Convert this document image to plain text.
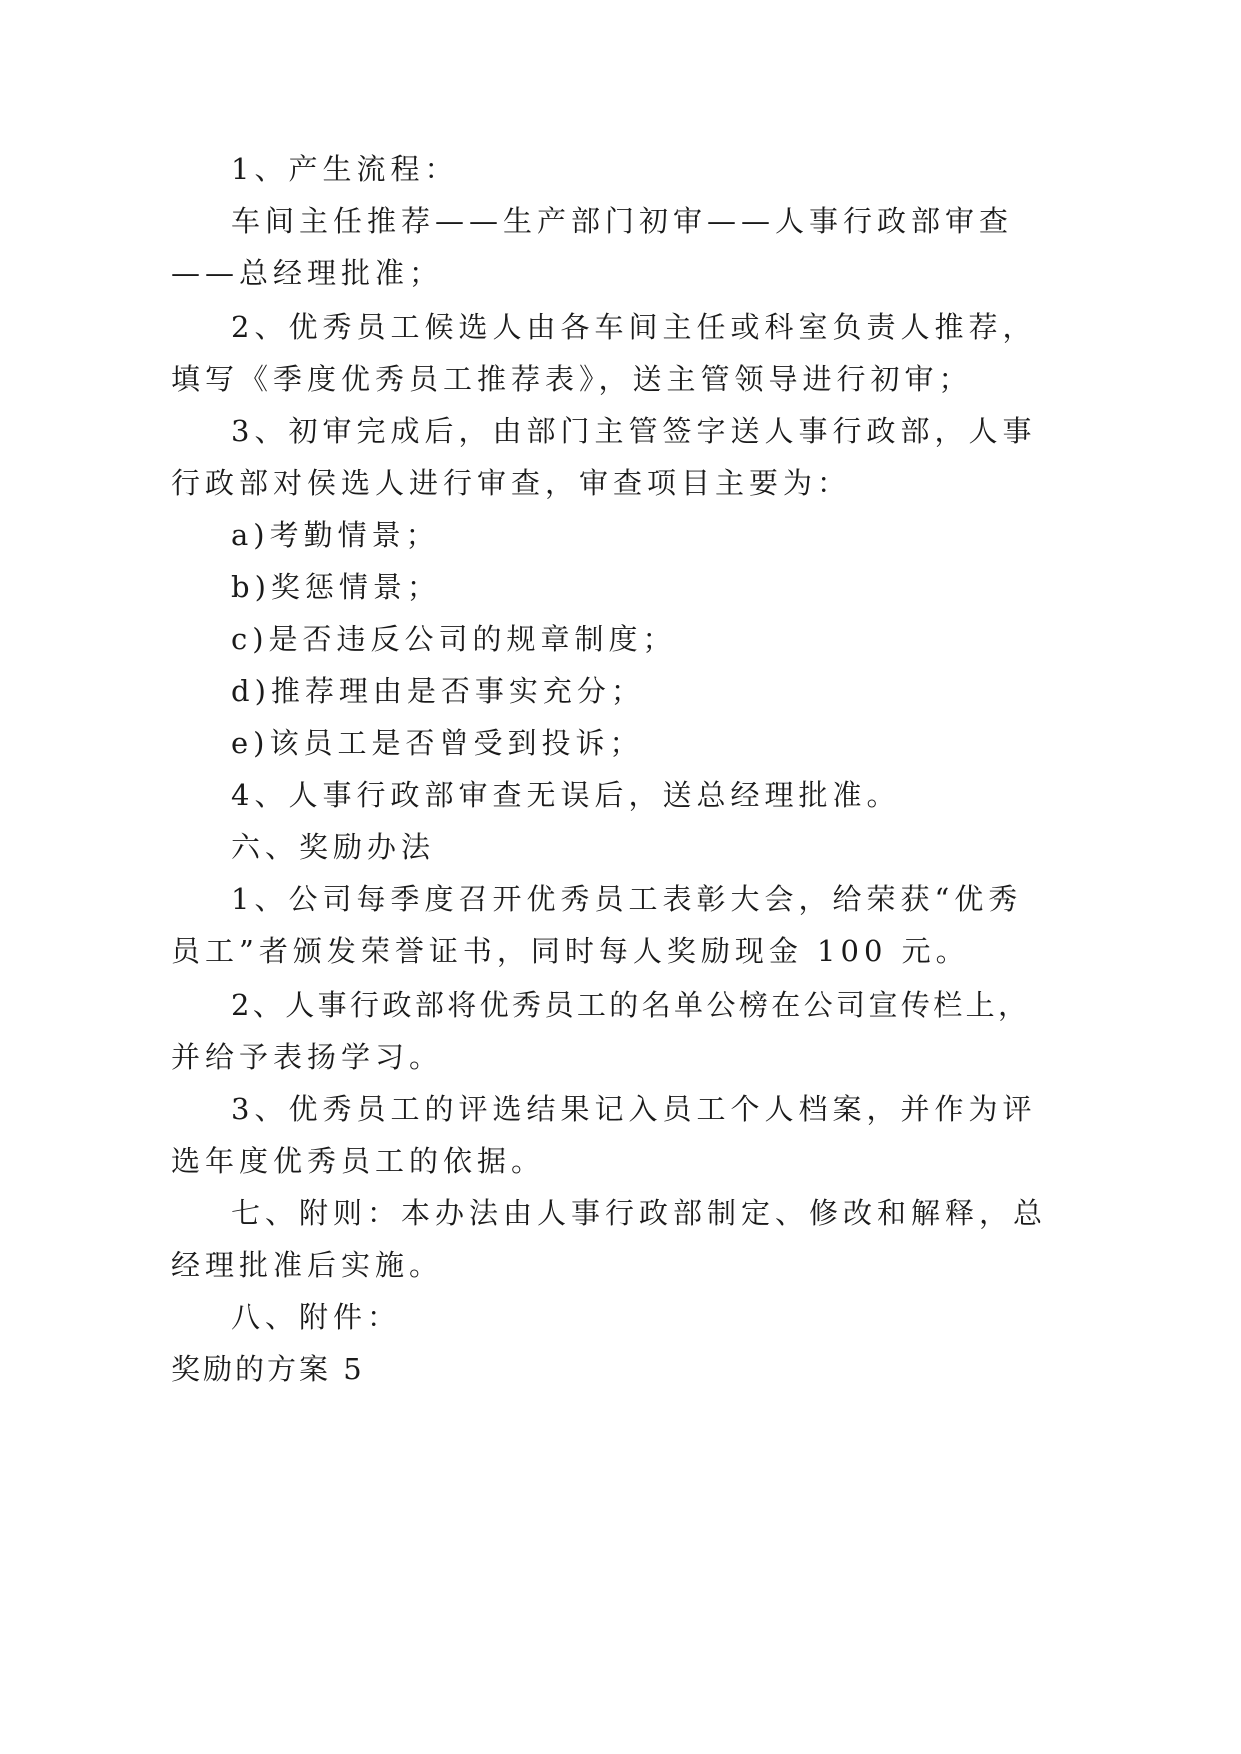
1、产生流程：
车间主任推荐——生产部门初审——人事行政部审查
——总经理批准；
2、优秀员工候选人由各车间主任或科室负责人推荐，
填写《季度优秀员工推荐表》，送主管领导进行初审；
3、初审完成后，由部门主管签字送人事行政部，人事
行政部对侯选人进行审查，审查项目主要为：
a)考勤情景；
b)奖惩情景；
c)是否违反公司的规章制度；
d)推荐理由是否事实充分；
e)该员工是否曾受到投诉；
4、人事行政部审查无误后，送总经理批准。
六、奖励办法
1、公司每季度召开优秀员工表彰大会，给荣获“优秀
员工”者颁发荣誉证书，同时每人奖励现金 100 元。
2、人事行政部将优秀员工的名单公榜在公司宣传栏上，
并给予表扬学习。
3、优秀员工的评选结果记入员工个人档案，并作为评
选年度优秀员工的依据。
七、附则：本办法由人事行政部制定、修改和解释，总
经理批准后实施。
八、附件：
奖励的方案 5
